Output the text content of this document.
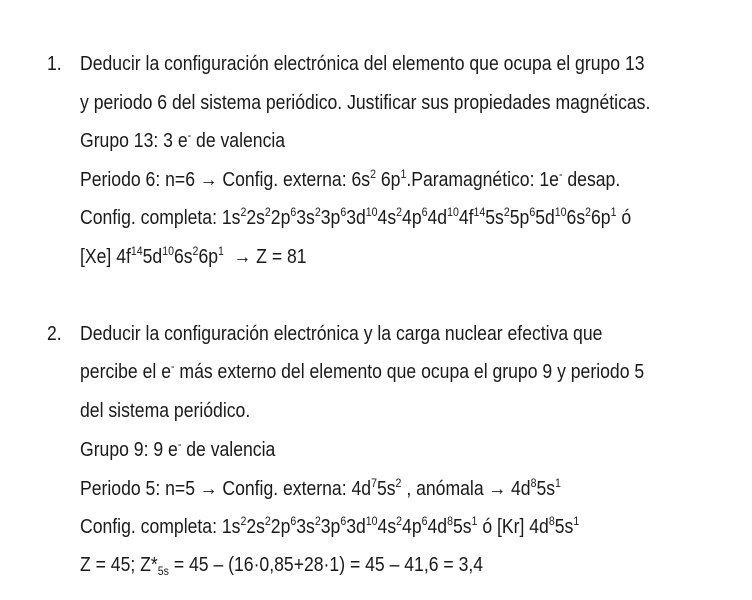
1. Deducir la configuración electrónica del elemento que ocupa el grupo 13
y periodo 6 del sistema periódico. Justificar sus propiedades magnéticas.
Grupo 13: 3 e- de valencia
Periodo 6: n=6 → Config. externa: $6s^2$ $6p^1.Paramagnético$: 1e- desap.
Config. completa: $1s^22s^22p^63s^23p^63d^{10}4s^24p^64d^{10}4f^{14}5s^25p^65d^{10}6s^26p^1$ ó
[Xe] $4f^{14}5d^{10}6s^26p^1 \to Z = 81$
2. Deducir la configuración electrónica y la carga nuclear efectiva que
percibe el e- más externo del elemento que ocupa el grupo 9 y periodo 5
del sistema periódico.
Grupo 9: 9 e- de valencia
Periodo 5: n=5 → Config. externa: $4d^75s^2$ , anómala → $4d^85s^1$
Config. completa: $1s^22s^22p^63s^23p^63d^{10}4s^24p^64d^85s^1$ ó [Kr] $4d^85s^1$
Z = 45; $Z*_{5s} = 45 - (16\cdot 0,85+28\cdot 1) = 45 - 41,6 = 3,4$
